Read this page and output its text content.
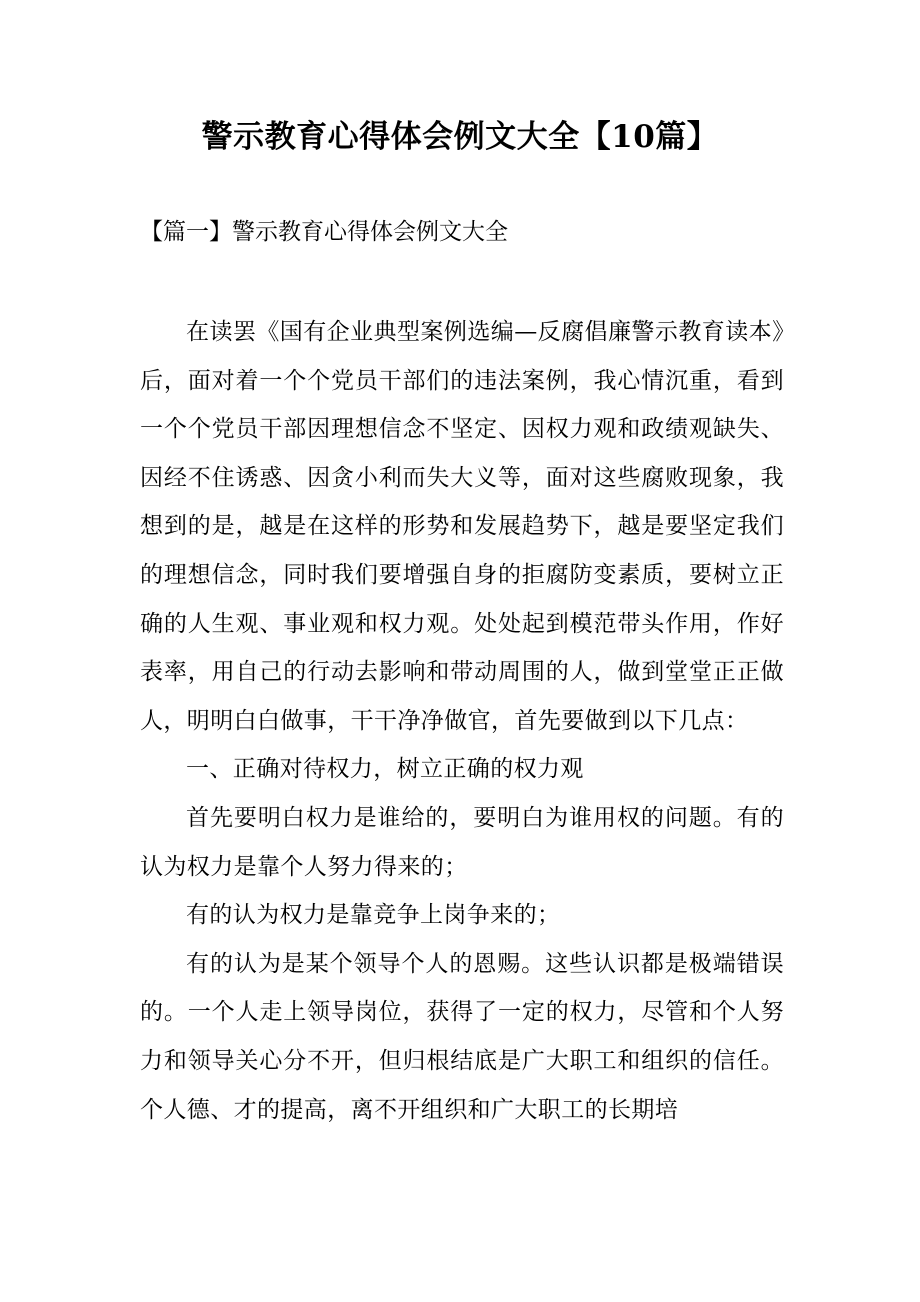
警示教育心得体会例文大全【10篇】
【篇一】警示教育心得体会例文大全

在读罢《国有企业典型案例选编—反腐倡廉警示教育读本》后，面对着一个个党员干部们的违法案例，我心情沉重，看到一个个党员干部因理想信念不坚定、因权力观和政绩观缺失、因经不住诱惑、因贪小利而失大义等，面对这些腐败现象，我想到的是，越是在这样的形势和发展趋势下，越是要坚定我们的理想信念，同时我们要增强自身的拒腐防变素质，要树立正确的人生观、事业观和权力观。处处起到模范带头作用，作好表率，用自己的行动去影响和带动周围的人，做到堂堂正正做人，明明白白做事，干干净净做官，首先要做到以下几点：

一、正确对待权力，树立正确的权力观

首先要明白权力是谁给的，要明白为谁用权的问题。有的认为权力是靠个人努力得来的；

有的认为权力是靠竞争上岗争来的；

有的认为是某个领导个人的恩赐。这些认识都是极端错误的。一个人走上领导岗位，获得了一定的权力，尽管和个人努力和领导关心分不开，但归根结底是广大职工和组织的信任。个人德、才的提高，离不开组织和广大职工的长期培
